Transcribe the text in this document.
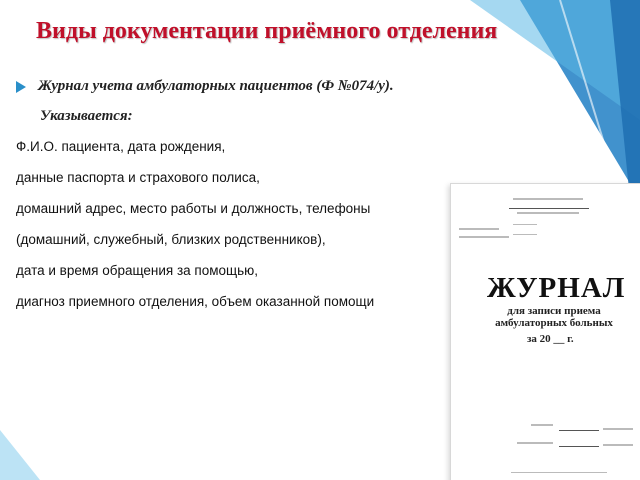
Виды документации приёмного отделения
Журнал учета амбулаторных пациентов (Ф №074/у).
Указывается:
Ф.И.О. пациента, дата рождения,
данные паспорта и страхового полиса,
домашний адрес, место работы и должность, телефоны
(домашний, служебный, близких родственников),
дата и время обращения за помощью,
диагноз приемного отделения, объем оказанной помощи	ЖУРНАЛ
для записи приема
амбулаторных больных
за 20 __ г.
